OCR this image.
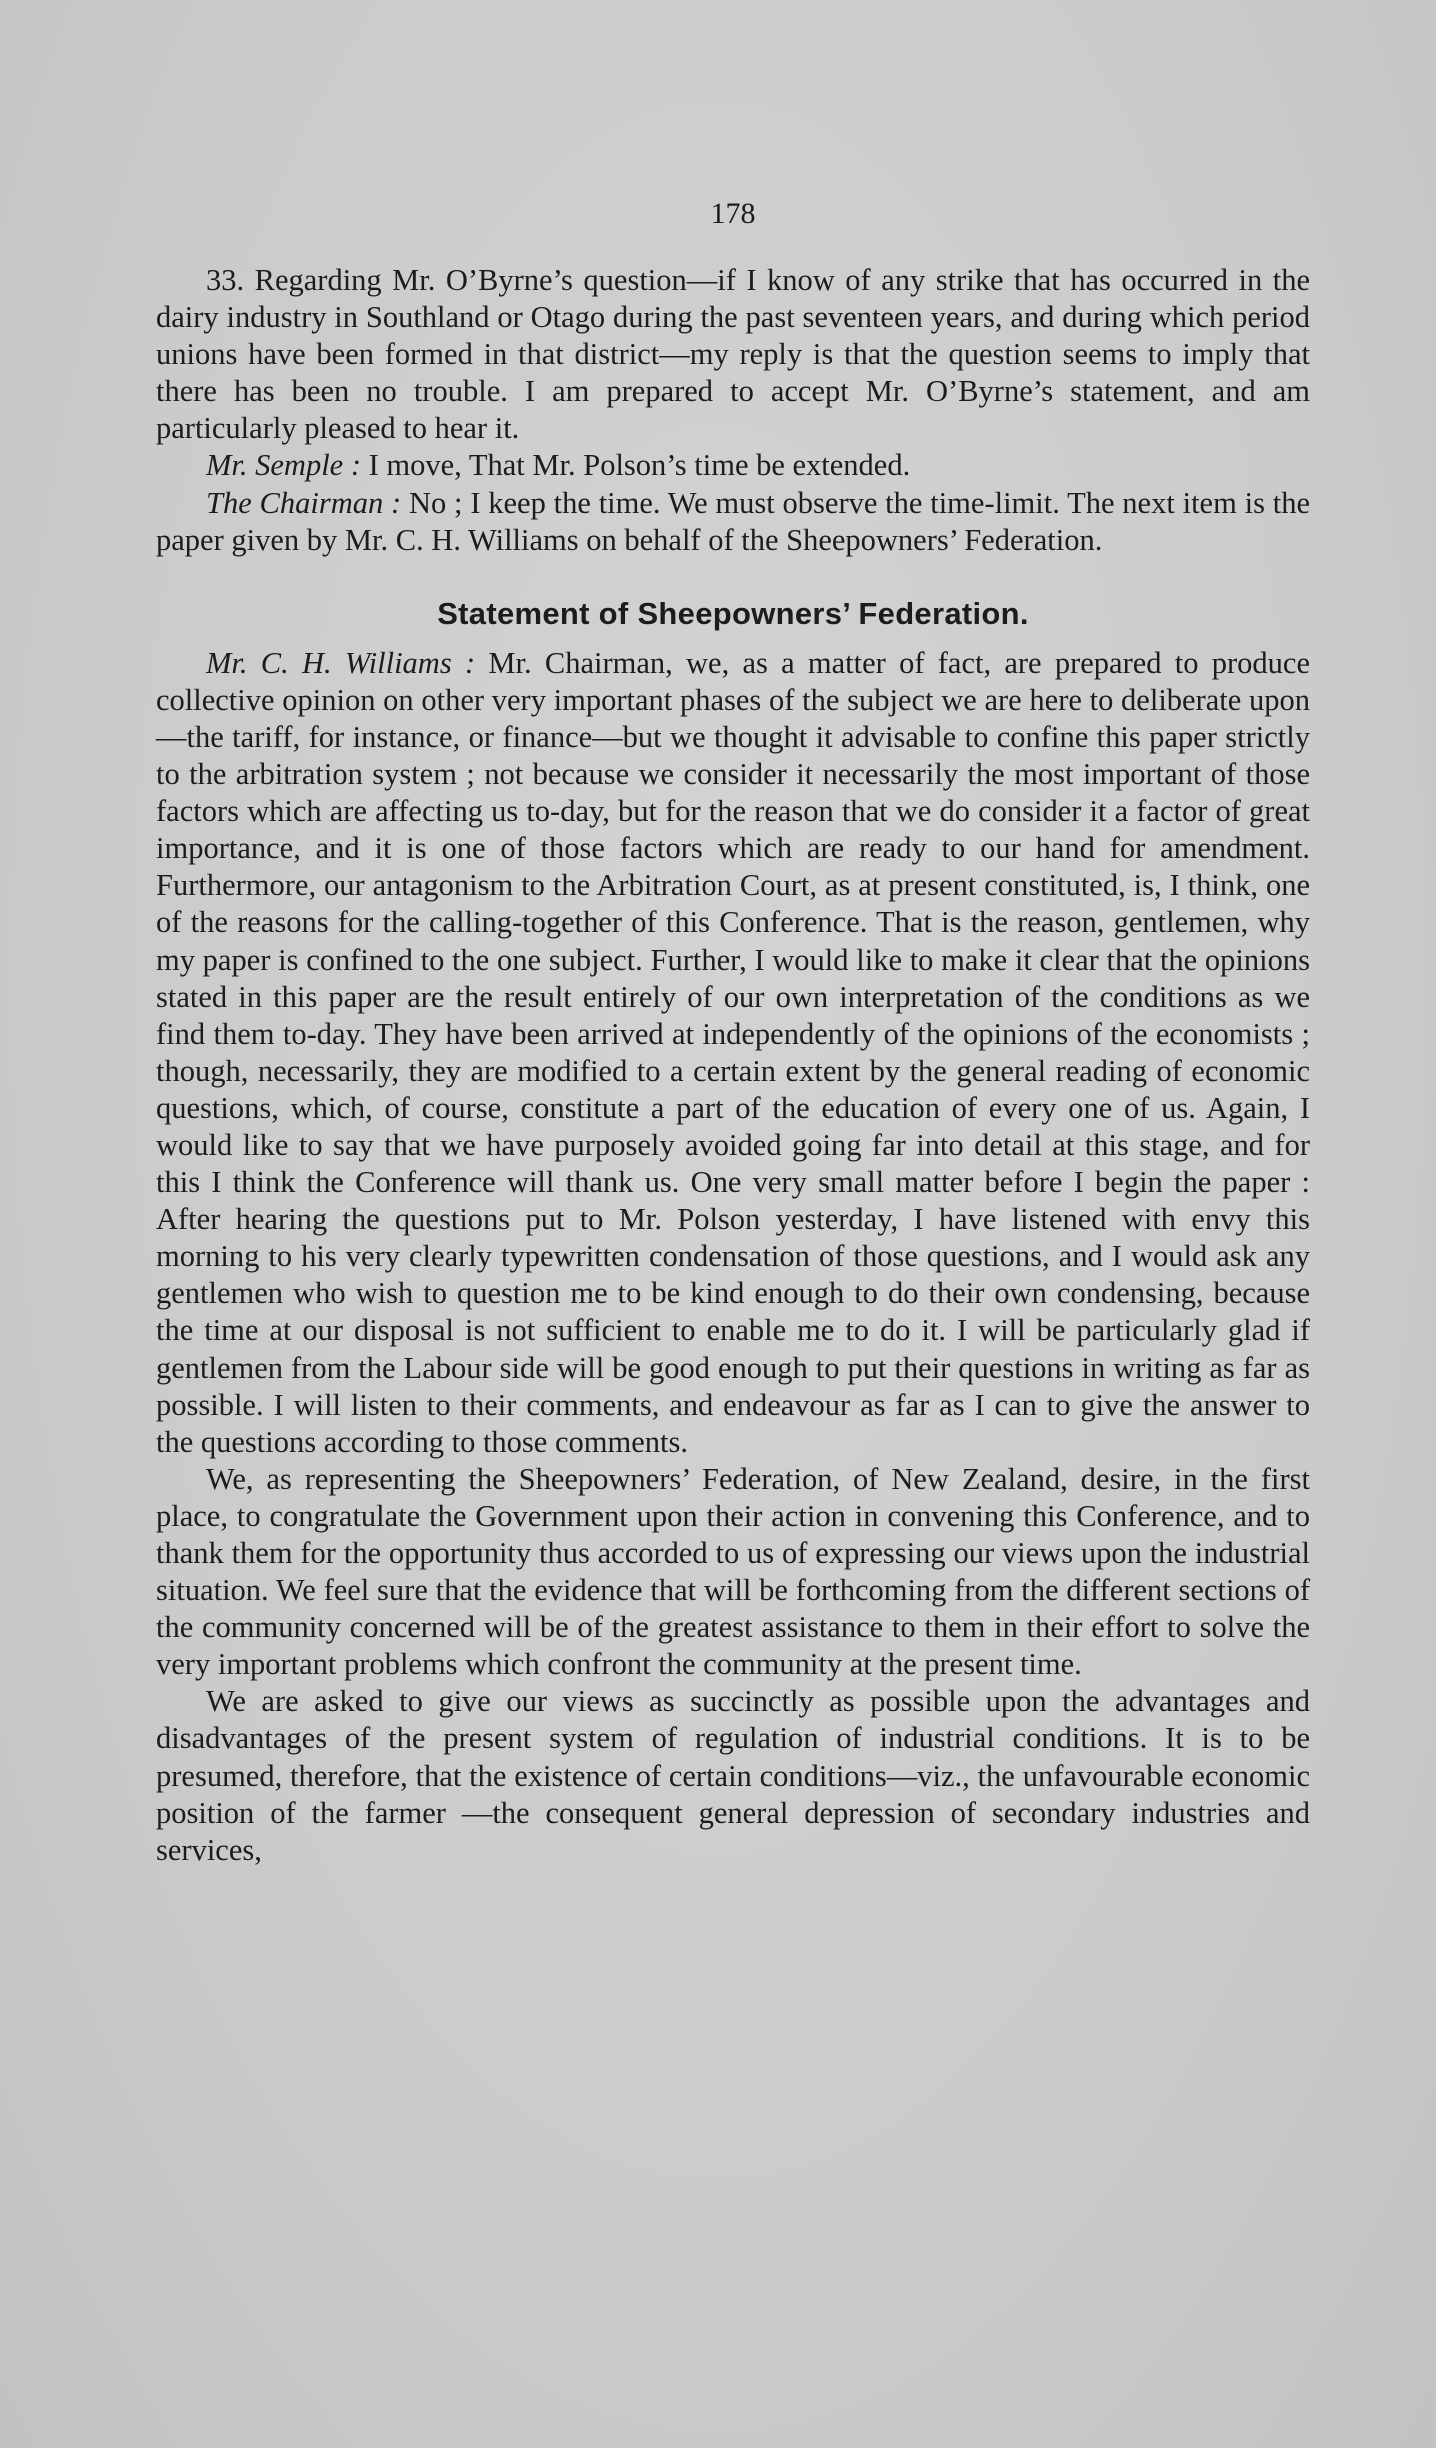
178

33. Regarding Mr. O’Byrne’s question—if I know of any strike that has occurred in the dairy industry in Southland or Otago during the past seventeen years, and during which period unions have been formed in that district—my reply is that the question seems to imply that there has been no trouble. I am prepared to accept Mr. O’Byrne’s statement, and am particularly pleased to hear it.

Mr. Semple : I move, That Mr. Polson’s time be extended.

The Chairman : No ; I keep the time. We must observe the time-limit. The next item is the paper given by Mr. C. H. Williams on behalf of the Sheepowners’ Federation.

Statement of Sheepowners’ Federation.

Mr. C. H. Williams : Mr. Chairman, we, as a matter of fact, are prepared to produce collective opinion on other very important phases of the subject we are here to deliberate upon—the tariff, for instance, or finance—but we thought it advisable to confine this paper strictly to the arbitration system ; not because we consider it necessarily the most important of those factors which are affecting us to-day, but for the reason that we do consider it a factor of great importance, and it is one of those factors which are ready to our hand for amendment. Furthermore, our antagonism to the Arbitration Court, as at present constituted, is, I think, one of the reasons for the calling-together of this Conference. That is the reason, gentlemen, why my paper is confined to the one subject. Further, I would like to make it clear that the opinions stated in this paper are the result entirely of our own interpretation of the conditions as we find them to-day. They have been arrived at independently of the opinions of the economists ; though, necessarily, they are modified to a certain extent by the general reading of economic questions, which, of course, constitute a part of the education of every one of us. Again, I would like to say that we have purposely avoided going far into detail at this stage, and for this I think the Conference will thank us. One very small matter before I begin the paper : After hearing the questions put to Mr. Polson yesterday, I have listened with envy this morning to his very clearly typewritten condensation of those questions, and I would ask any gentlemen who wish to question me to be kind enough to do their own condensing, because the time at our disposal is not sufficient to enable me to do it. I will be particularly glad if gentlemen from the Labour side will be good enough to put their questions in writing as far as possible. I will listen to their comments, and endeavour as far as I can to give the answer to the questions according to those comments.

We, as representing the Sheepowners’ Federation, of New Zealand, desire, in the first place, to congratulate the Government upon their action in convening this Conference, and to thank them for the opportunity thus accorded to us of expressing our views upon the industrial situation. We feel sure that the evidence that will be forthcoming from the different sections of the community concerned will be of the greatest assistance to them in their effort to solve the very important problems which confront the community at the present time.

We are asked to give our views as succinctly as possible upon the advantages and disadvantages of the present system of regulation of industrial conditions. It is to be presumed, therefore, that the existence of certain conditions—viz., the unfavourable economic position of the farmer —the consequent general depression of secondary industries and services,
